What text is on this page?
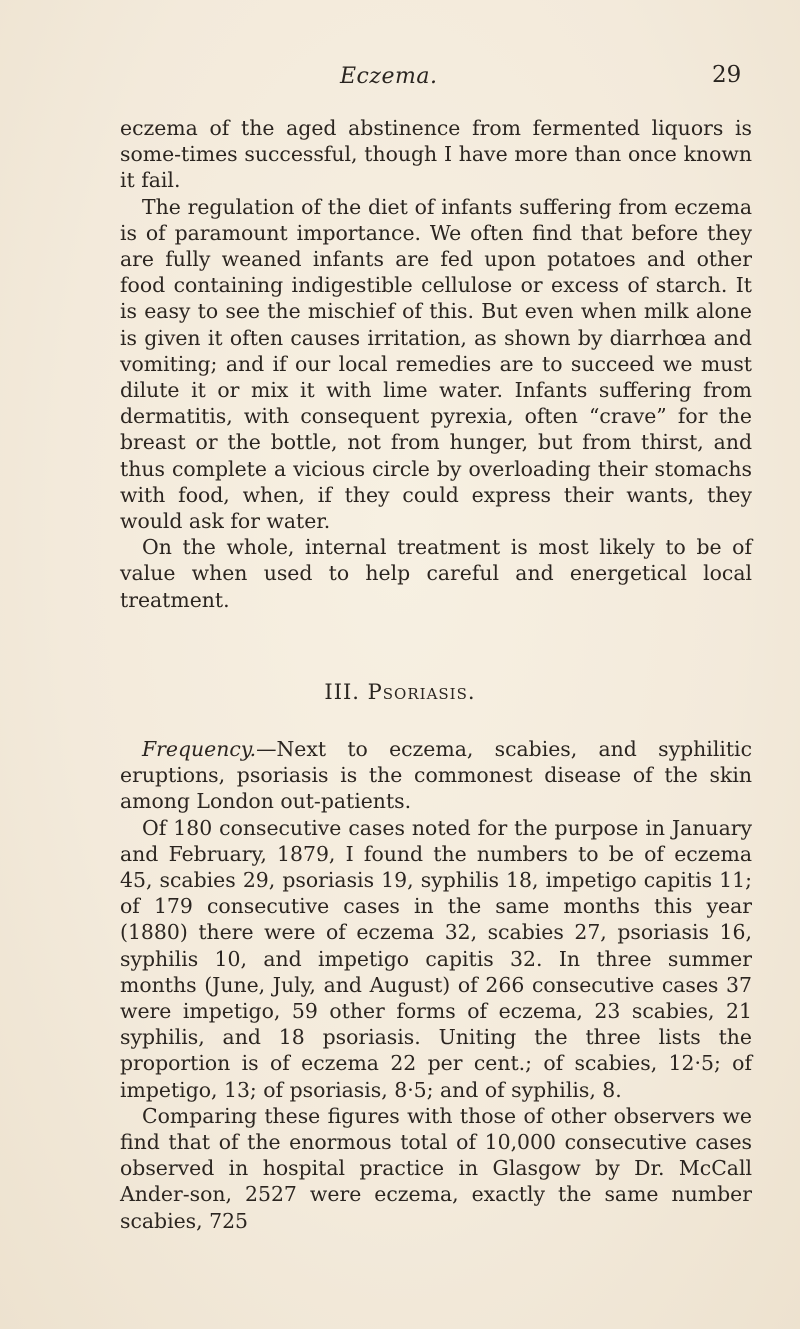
Eczema.	29

eczema of the aged abstinence from fermented liquors is some-times successful, though I have more than once known it fail.

The regulation of the diet of infants suffering from eczema is of paramount importance. We often find that before they are fully weaned infants are fed upon potatoes and other food containing indigestible cellulose or excess of starch. It is easy to see the mischief of this. But even when milk alone is given it often causes irritation, as shown by diarrhœa and vomiting; and if our local remedies are to succeed we must dilute it or mix it with lime water. Infants suffering from dermatitis, with consequent pyrexia, often “crave” for the breast or the bottle, not from hunger, but from thirst, and thus complete a vicious circle by overloading their stomachs with food, when, if they could express their wants, they would ask for water.

On the whole, internal treatment is most likely to be of value when used to help careful and energetical local treatment.

III. Psoriasis.

Frequency.—Next to eczema, scabies, and syphilitic eruptions, psoriasis is the commonest disease of the skin among London out-patients.

Of 180 consecutive cases noted for the purpose in January and February, 1879, I found the numbers to be of eczema 45, scabies 29, psoriasis 19, syphilis 18, impetigo capitis 11; of 179 consecutive cases in the same months this year (1880) there were of eczema 32, scabies 27, psoriasis 16, syphilis 10, and impetigo capitis 32. In three summer months (June, July, and August) of 266 consecutive cases 37 were impetigo, 59 other forms of eczema, 23 scabies, 21 syphilis, and 18 psoriasis. Uniting the three lists the proportion is of eczema 22 per cent.; of scabies, 12·5; of impetigo, 13; of psoriasis, 8·5; and of syphilis, 8.

Comparing these figures with those of other observers we find that of the enormous total of 10,000 consecutive cases observed in hospital practice in Glasgow by Dr. McCall Ander-son, 2527 were eczema, exactly the same number scabies, 725
